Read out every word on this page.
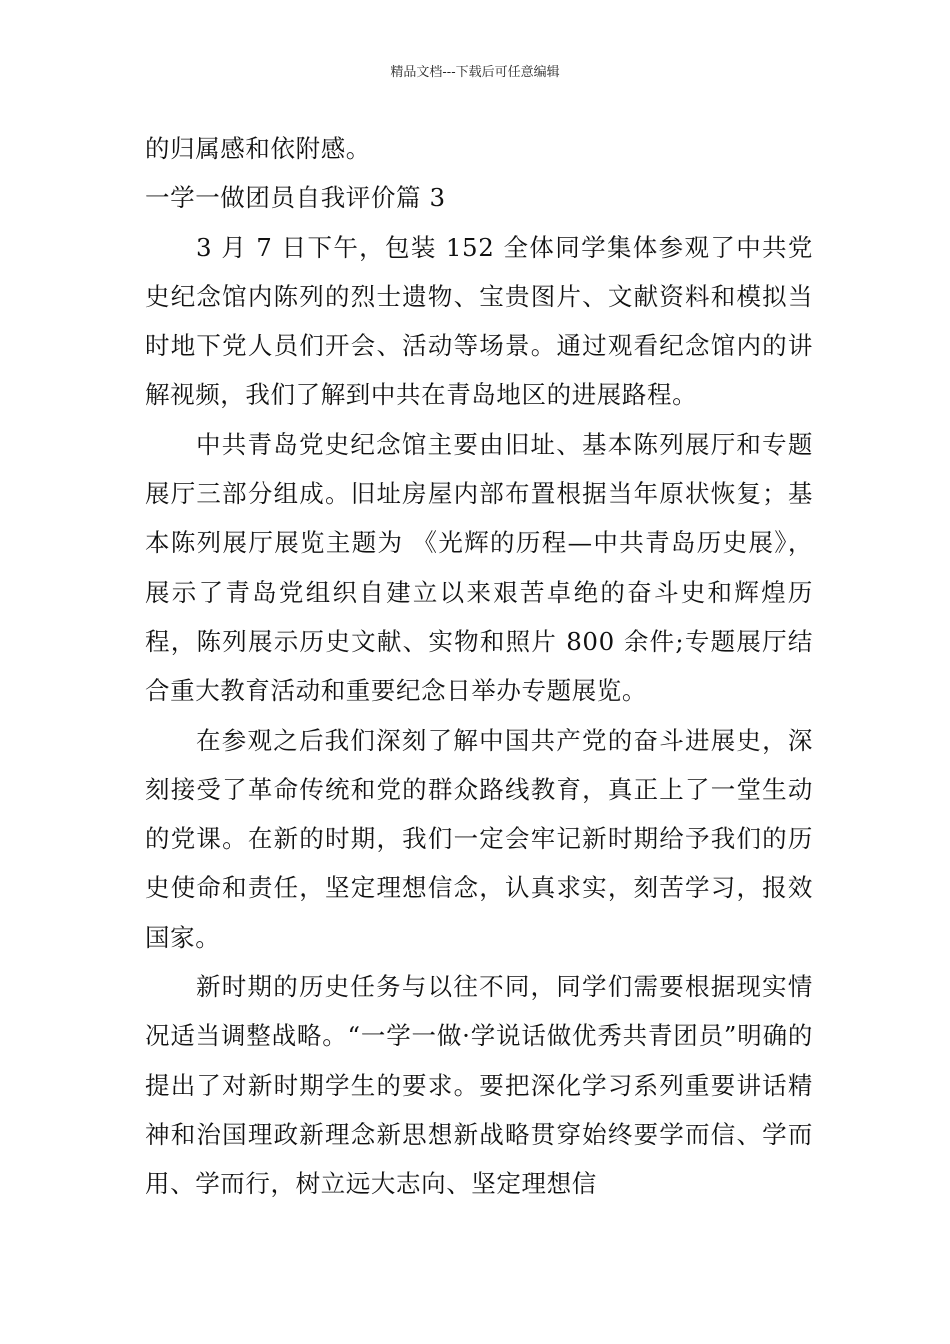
精品文档---下载后可任意编辑

的归属感和依附感。

一学一做团员自我评价篇 3

3 月 7 日下午，包装 152 全体同学集体参观了中共党史纪念馆内陈列的烈士遗物、宝贵图片、文献资料和模拟当时地下党人员们开会、活动等场景。通过观看纪念馆内的讲解视频，我们了解到中共在青岛地区的进展路程。

中共青岛党史纪念馆主要由旧址、基本陈列展厅和专题展厅三部分组成。旧址房屋内部布置根据当年原状恢复；基本陈列展厅展览主题为 《光辉的历程—中共青岛历史展》，展示了青岛党组织自建立以来艰苦卓绝的奋斗史和辉煌历程，陈列展示历史文献、实物和照片 800 余件;专题展厅结合重大教育活动和重要纪念日举办专题展览。

在参观之后我们深刻了解中国共产党的奋斗进展史，深刻接受了革命传统和党的群众路线教育，真正上了一堂生动的党课。在新的时期，我们一定会牢记新时期给予我们的历史使命和责任，坚定理想信念，认真求实，刻苦学习，报效国家。

新时期的历史任务与以往不同，同学们需要根据现实情况适当调整战略。“一学一做·学说话做优秀共青团员”明确的提出了对新时期学生的要求。要把深化学习系列重要讲话精神和治国理政新理念新思想新战略贯穿始终要学而信、学而用、学而行，树立远大志向、坚定理想信
